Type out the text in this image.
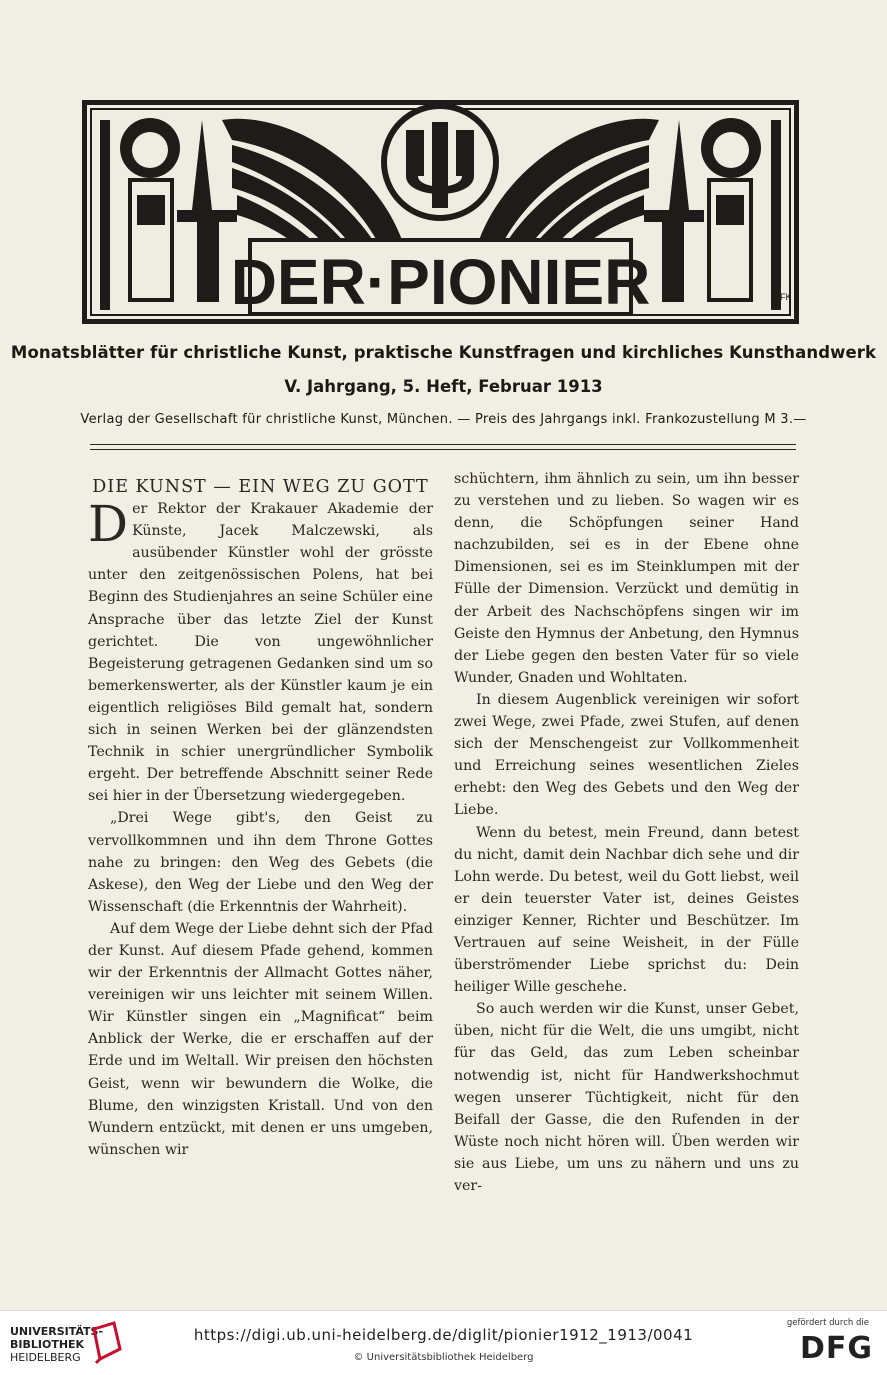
DER·PIONIER	FK
Monatsblätter für christliche Kunst, praktische Kunstfragen und kirchliches Kunsthandwerk
V. Jahrgang, 5. Heft, Februar 1913
Verlag der Gesellschaft für christliche Kunst, München. — Preis des Jahrgangs inkl. Frankozustellung M 3.—

DIE KUNST — EIN WEG ZU GOTT

Der Rektor der Krakauer Akademie der Künste, Jacek Malczewski, als ausübender Künstler wohl der grösste unter den zeitgenössischen Polens, hat bei Beginn des Studienjahres an seine Schüler eine Ansprache über das letzte Ziel der Kunst gerichtet. Die von ungewöhnlicher Begeisterung getragenen Gedanken sind um so bemerkenswerter, als der Künstler kaum je ein eigentlich religiöses Bild gemalt hat, sondern sich in seinen Werken bei der glänzendsten Technik in schier unergründlicher Symbolik ergeht. Der betreffende Abschnitt seiner Rede sei hier in der Übersetzung wiedergegeben.

„Drei Wege gibt's, den Geist zu vervollkommnen und ihn dem Throne Gottes nahe zu bringen: den Weg des Gebets (die Askese), den Weg der Liebe und den Weg der Wissenschaft (die Erkenntnis der Wahrheit).

Auf dem Wege der Liebe dehnt sich der Pfad der Kunst. Auf diesem Pfade gehend, kommen wir der Erkenntnis der Allmacht Gottes näher, vereinigen wir uns leichter mit seinem Willen. Wir Künstler singen ein „Magnificat“ beim Anblick der Werke, die er erschaffen auf der Erde und im Weltall. Wir preisen den höchsten Geist, wenn wir bewundern die Wolke, die Blume, den winzigsten Kristall. Und von den Wundern entzückt, mit denen er uns umgeben, wünschen wir

schüchtern, ihm ähnlich zu sein, um ihn besser zu verstehen und zu lieben. So wagen wir es denn, die Schöpfungen seiner Hand nachzubilden, sei es in der Ebene ohne Dimensionen, sei es im Steinklumpen mit der Fülle der Dimension. Verzückt und demütig in der Arbeit des Nachschöpfens singen wir im Geiste den Hymnus der Anbetung, den Hymnus der Liebe gegen den besten Vater für so viele Wunder, Gnaden und Wohltaten.

In diesem Augenblick vereinigen wir sofort zwei Wege, zwei Pfade, zwei Stufen, auf denen sich der Menschengeist zur Vollkommenheit und Erreichung seines wesentlichen Zieles erhebt: den Weg des Gebets und den Weg der Liebe.

Wenn du betest, mein Freund, dann betest du nicht, damit dein Nachbar dich sehe und dir Lohn werde. Du betest, weil du Gott liebst, weil er dein teuerster Vater ist, deines Geistes einziger Kenner, Richter und Beschützer. Im Vertrauen auf seine Weisheit, in der Fülle überströmender Liebe sprichst du: Dein heiliger Wille geschehe.

So auch werden wir die Kunst, unser Gebet, üben, nicht für die Welt, die uns umgibt, nicht für das Geld, das zum Leben scheinbar notwendig ist, nicht für Handwerkshochmut wegen unserer Tüchtigkeit, nicht für den Beifall der Gasse, die den Rufenden in der Wüste noch nicht hören will. Üben werden wir sie aus Liebe, um uns zu nähern und uns zu ver-

UNIVERSITÄTS-
BIBLIOTHEK
HEIDELBERG
https://digi.ub.uni-heidelberg.de/diglit/pionier1912_1913/0041
© Universitätsbibliothek Heidelberg
gefördert durch die
DFG
